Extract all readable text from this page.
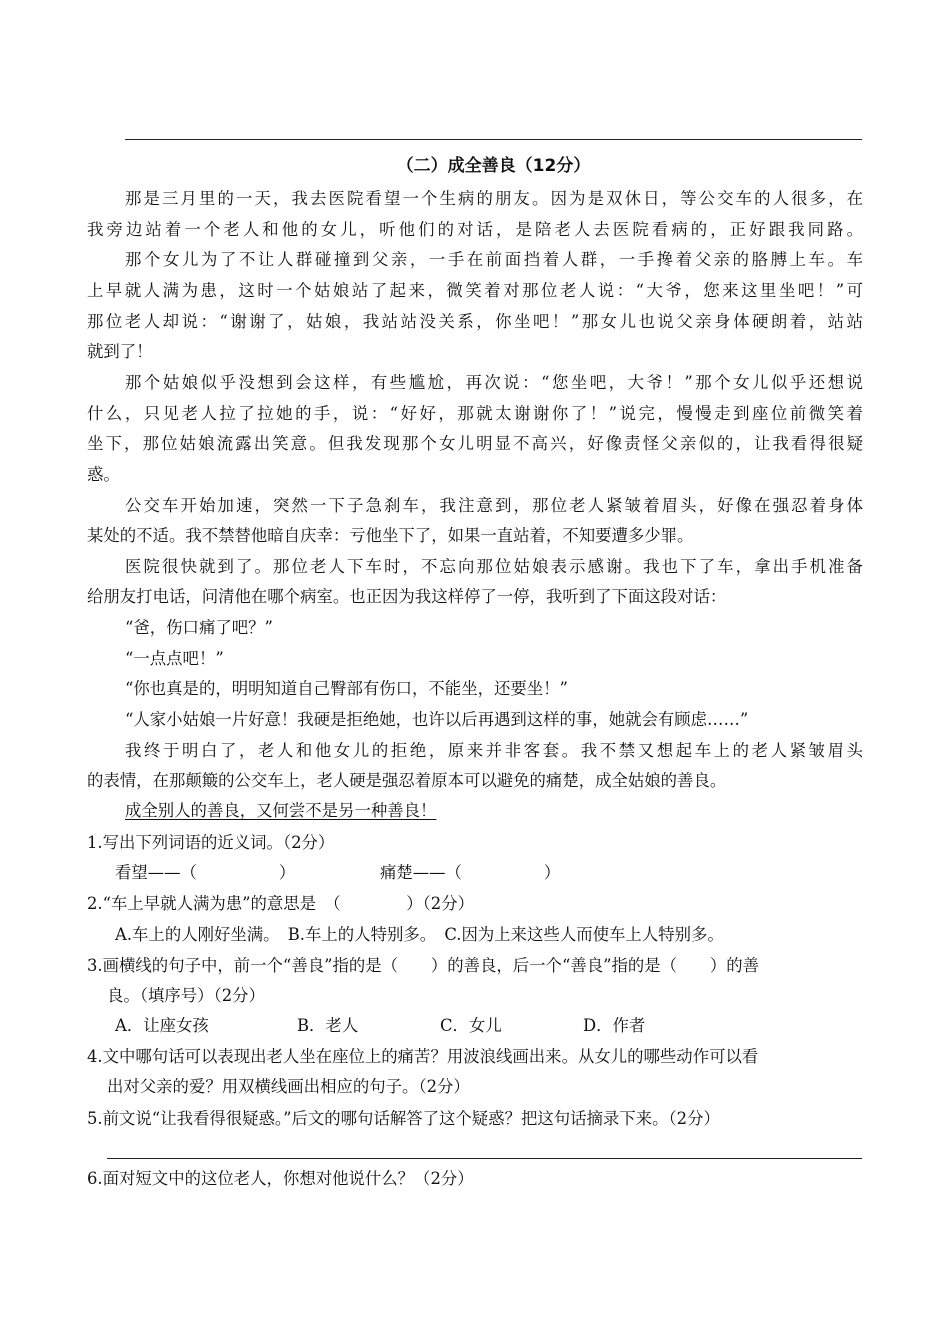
（二）成全善良（12分）
那是三月里的一天，我去医院看望一个生病的朋友。因为是双休日，等公交车的人很多，在
我旁边站着一个老人和他的女儿，听他们的对话，是陪老人去医院看病的，正好跟我同路。
那个女儿为了不让人群碰撞到父亲，一手在前面挡着人群，一手搀着父亲的胳膊上车。车
上早就人满为患，这时一个姑娘站了起来，微笑着对那位老人说：“大爷，您来这里坐吧！”可
那位老人却说：“谢谢了，姑娘，我站站没关系，你坐吧！”那女儿也说父亲身体硬朗着，站站
就到了！
那个姑娘似乎没想到会这样，有些尴尬，再次说：“您坐吧，大爷！”那个女儿似乎还想说
什么，只见老人拉了拉她的手，说：“好好，那就太谢谢你了！”说完，慢慢走到座位前微笑着
坐下，那位姑娘流露出笑意。但我发现那个女儿明显不高兴，好像责怪父亲似的，让我看得很疑
惑。
公交车开始加速，突然一下子急刹车，我注意到，那位老人紧皱着眉头，好像在强忍着身体
某处的不适。我不禁替他暗自庆幸：亏他坐下了，如果一直站着，不知要遭多少罪。
医院很快就到了。那位老人下车时，不忘向那位姑娘表示感谢。我也下了车，拿出手机准备
给朋友打电话，问清他在哪个病室。也正因为我这样停了一停，我听到了下面这段对话：
“爸，伤口痛了吧？”
“一点点吧！”
“你也真是的，明明知道自己臀部有伤口，不能坐，还要坐！”
“人家小姑娘一片好意！我硬是拒绝她，也许以后再遇到这样的事，她就会有顾虑……”
我终于明白了，老人和他女儿的拒绝，原来并非客套。我不禁又想起车上的老人紧皱眉头
的表情，在那颠簸的公交车上，老人硬是强忍着原本可以避免的痛楚，成全姑娘的善良。
成全别人的善良，又何尝不是另一种善良！
1.写出下列词语的近义词。（2分）
看望——（　　　　　）	痛楚——（　　　　　）
2.“车上早就人满为患”的意思是　（　　　　）（2分）
A.车上的人刚好坐满。　B.车上的人特别多。　C.因为上来这些人而使车上人特别多。
3.画横线的句子中，前一个“善良”指的是（　　）的善良，后一个“善良”指的是（　　）的善
良。（填序号）（2分）
A．让座女孩	B．老人	C．女儿	D．作者
4.文中哪句话可以表现出老人坐在座位上的痛苦？用波浪线画出来。从女儿的哪些动作可以看
出对父亲的爱？用双横线画出相应的句子。（2分）
5.前文说“让我看得很疑惑。”后文的哪句话解答了这个疑惑？把这句话摘录下来。（2分）
6.面对短文中的这位老人，你想对他说什么？（2分）
